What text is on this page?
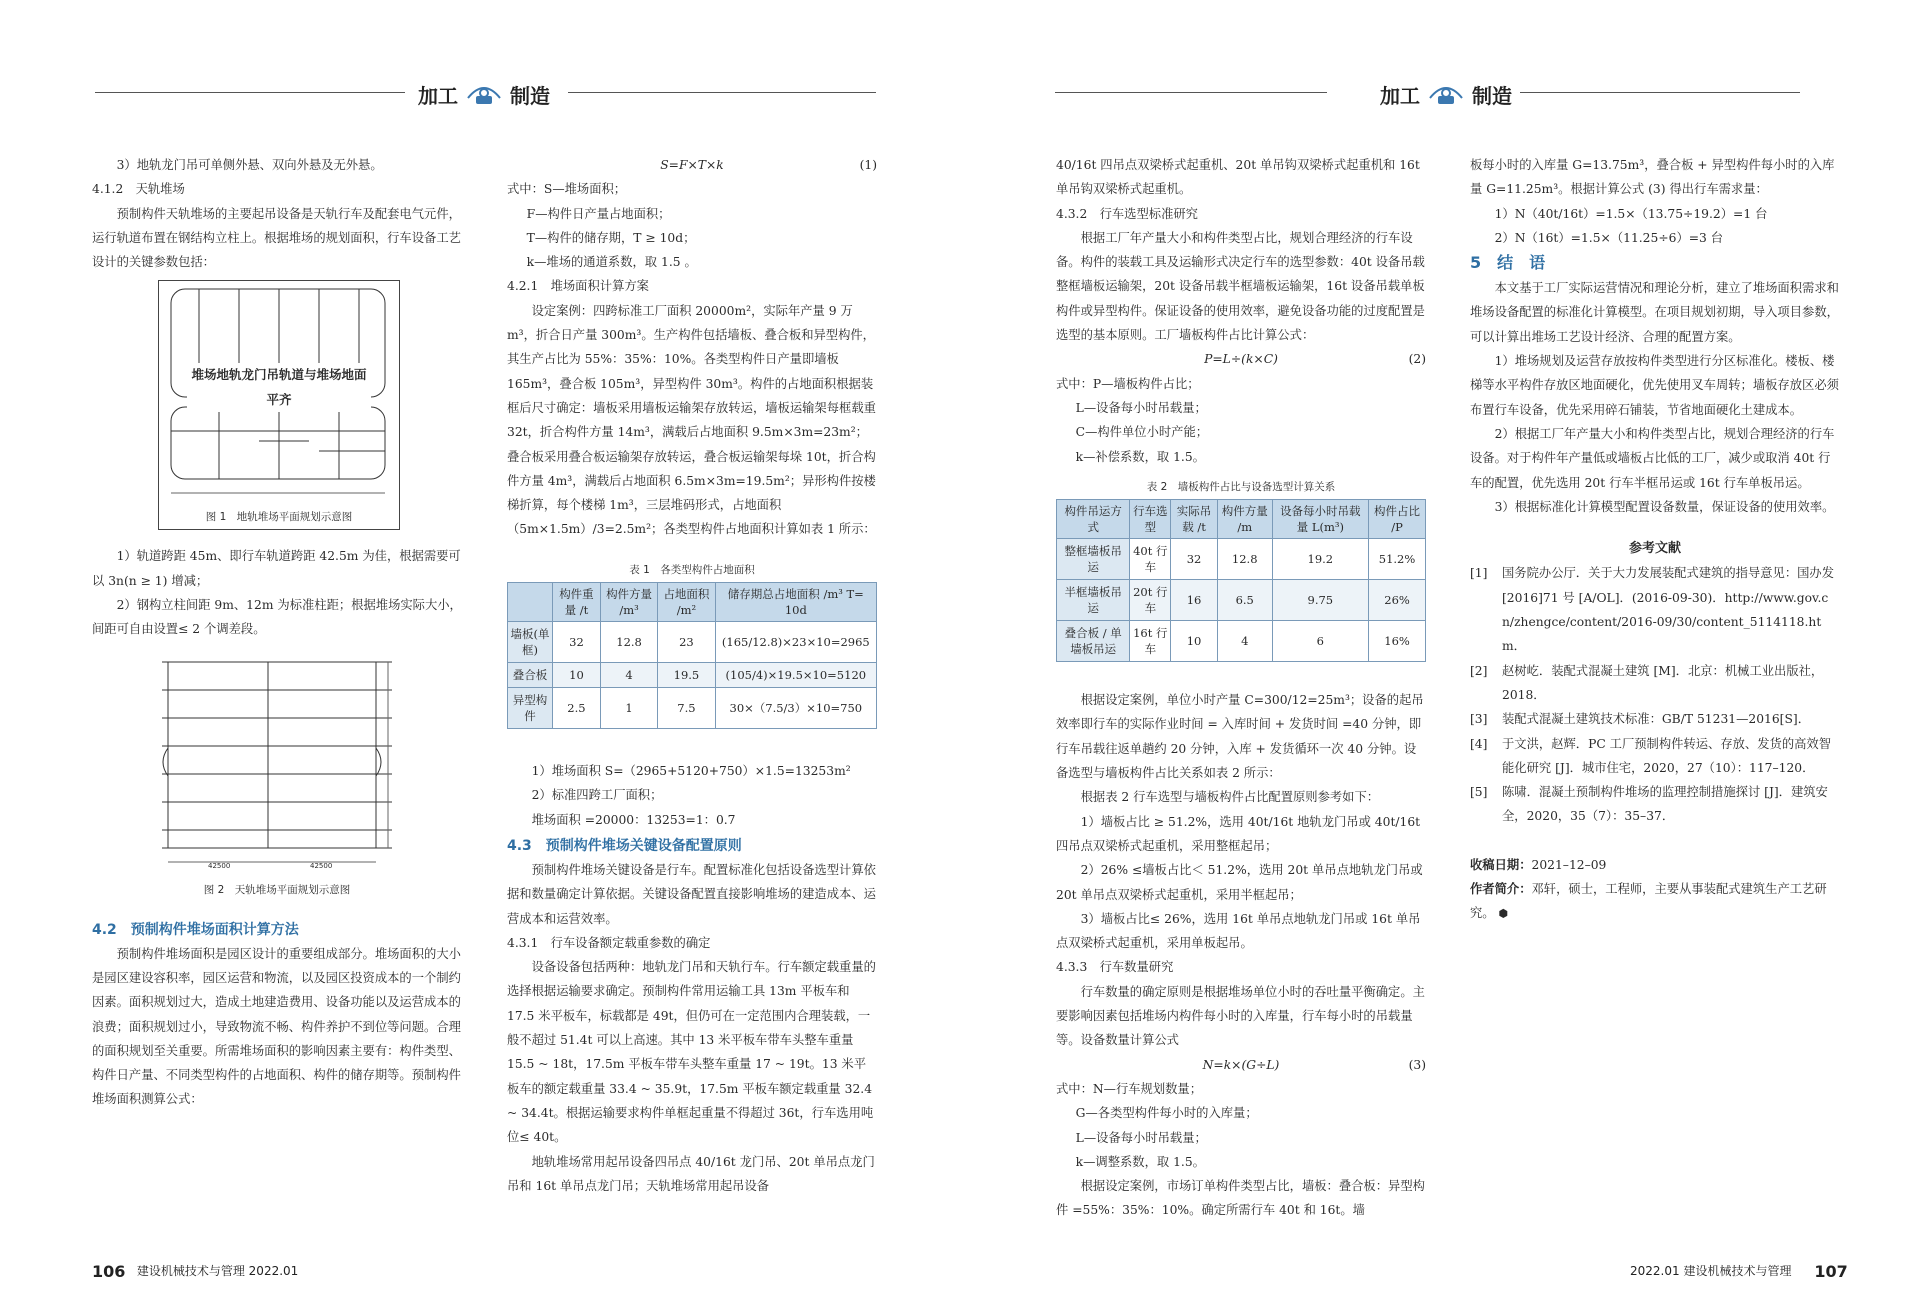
加工	制造

3）地轨龙门吊可单侧外悬、双向外悬及无外悬。

4.1.2　天轨堆场

预制构件天轨堆场的主要起吊设备是天轨行车及配套电气元件，运行轨道布置在钢结构立柱上。根据堆场的规划面积，行车设备工艺设计的关键参数包括：

堆场地轨龙门吊轨道与堆场地面平齐
图 1　地轨堆场平面规划示意图

1）轨道跨距 45m、即行车轨道跨距 42.5m 为佳，根据需要可以 3n(n ≥ 1) 增减；

2）钢构立柱间距 9m、12m 为标准柱距；根据堆场实际大小，间距可自由设置≤ 2 个调差段。

42500	42500
图 2　天轨堆场平面规划示意图

4.2　预制构件堆场面积计算方法

预制构件堆场面积是园区设计的重要组成部分。堆场面积的大小是园区建设容积率，园区运营和物流，以及园区投资成本的一个制约因素。面积规划过大，造成土地建造费用、设备功能以及运营成本的浪费；面积规划过小，导致物流不畅、构件养护不到位等问题。合理的面积规划至关重要。所需堆场面积的影响因素主要有：构件类型、构件日产量、不同类型构件的占地面积、构件的储存期等。预制构件堆场面积测算公式：

S=F×T×k	(1)

式中：S—堆场面积；

F—构件日产量占地面积；

T—构件的储存期，T ≥ 10d；

k—堆场的通道系数，取 1.5 。

4.2.1　堆场面积计算方案

设定案例：四跨标准工厂面积 20000m²，实际年产量 9 万 m³，折合日产量 300m³。生产构件包括墙板、叠合板和异型构件，其生产占比为 55%：35%：10%。各类型构件日产量即墙板 165m³，叠合板 105m³，异型构件 30m³。构件的占地面积根据装框后尺寸确定：墙板采用墙板运输架存放转运，墙板运输架每框载重 32t，折合构件方量 14m³，满载后占地面积 9.5m×3m=23m²；叠合板采用叠合板运输架存放转运，叠合板运输架每垛 10t，折合构件方量 4m³，满载后占地面积 6.5m×3m=19.5m²；异形构件按楼梯折算，每个楼梯 1m³，三层堆码形式，占地面积（5m×1.5m）/3=2.5m²；各类型构件占地面积计算如表 1 所示：

表 1　各类型构件占地面积

	构件重量 /t	构件方量 /m³	占地面积 /m²	储存期总占地面积 /m³ T= 10d
墙板(单框)	32	12.8	23	(165/12.8)×23×10=2965
叠合板	10	4	19.5	(105/4)×19.5×10=5120
异型构件	2.5	1	7.5	30×（7.5/3）×10=750

1）堆场面积 S=（2965+5120+750）×1.5=13253m²

2）标准四跨工厂面积；

堆场面积 =20000：13253=1：0.7

4.3　预制构件堆场关键设备配置原则

预制构件堆场关键设备是行车。配置标准化包括设备选型计算依据和数量确定计算依据。关键设备配置直接影响堆场的建造成本、运营成本和运营效率。

4.3.1　行车设备额定载重参数的确定

设备设备包括两种：地轨龙门吊和天轨行车。行车额定载重量的选择根据运输要求确定。预制构件常用运输工具 13m 平板车和 17.5 米平板车，标载都是 49t，但仍可在一定范围内合理装载，一般不超过 51.4t 可以上高速。其中 13 米平板车带车头整车重量 15.5 ~ 18t，17.5m 平板车带车头整车重量 17 ~ 19t。13 米平板车的额定载重量 33.4 ~ 35.9t，17.5m 平板车额定载重量 32.4 ~ 34.4t。根据运输要求构件单框起重量不得超过 36t，行车选用吨位≤ 40t。

地轨堆场常用起吊设备四吊点 40/16t 龙门吊、20t 单吊点龙门吊和 16t 单吊点龙门吊；天轨堆场常用起吊设备

106 建设机械技术与管理 2022.01
加工	制造

40/16t 四吊点双梁桥式起重机、20t 单吊钩双梁桥式起重机和 16t 单吊钩双梁桥式起重机。

4.3.2　行车选型标准研究

根据工厂年产量大小和构件类型占比，规划合理经济的行车设备。构件的装载工具及运输形式决定行车的选型参数：40t 设备吊载整框墙板运输架，20t 设备吊载半框墙板运输架，16t 设备吊载单板构件或异型构件。保证设备的使用效率，避免设备功能的过度配置是选型的基本原则。工厂墙板构件占比计算公式：

P=L÷(k×C)	(2)

式中：P—墙板构件占比；

L—设备每小时吊载量；

C—构件单位小时产能；

k—补偿系数，取 1.5。

表 2　墙板构件占比与设备选型计算关系

构件吊运方式	行车选型	实际吊载 /t	构件方量 /m	设备每小时吊载量 L(m³)	构件占比 /P
整框墙板吊运	40t 行车	32	12.8	19.2	51.2%
半框墙板吊运	20t 行车	16	6.5	9.75	26%
叠合板 / 单墙板吊运	16t 行车	10	4	6	16%

根据设定案例，单位小时产量 C=300/12=25m³；设备的起吊效率即行车的实际作业时间 = 入库时间 + 发货时间 =40 分钟，即行车吊载往返单趟约 20 分钟，入库 + 发货循环一次 40 分钟。设备选型与墙板构件占比关系如表 2 所示：

根据表 2 行车选型与墙板构件占比配置原则参考如下：

1）墙板占比 ≥ 51.2%，选用 40t/16t 地轨龙门吊或 40t/16t 四吊点双梁桥式起重机，采用整框起吊；

2）26% ≤墙板占比＜ 51.2%，选用 20t 单吊点地轨龙门吊或 20t 单吊点双梁桥式起重机，采用半框起吊；

3）墙板占比≤ 26%，选用 16t 单吊点地轨龙门吊或 16t 单吊点双梁桥式起重机，采用单板起吊。

4.3.3　行车数量研究

行车数量的确定原则是根据堆场单位小时的吞吐量平衡确定。主要影响因素包括堆场内构件每小时的入库量，行车每小时的吊载量等。设备数量计算公式

N=k×(G÷L)	(3)

式中：N—行车规划数量；

G—各类型构件每小时的入库量；

L—设备每小时吊载量；

k—调整系数，取 1.5。

根据设定案例，市场订单构件类型占比，墙板：叠合板：异型构件 =55%：35%：10%。确定所需行车 40t 和 16t。墙

板每小时的入库量 G=13.75m³，叠合板 + 异型构件每小时的入库量 G=11.25m³。根据计算公式 (3) 得出行车需求量：

1）N（40t/16t）=1.5×（13.75÷19.2）=1 台

2）N（16t）=1.5×（11.25÷6）=3 台

5　结　语

本文基于工厂实际运营情况和理论分析，建立了堆场面积需求和堆场设备配置的标准化计算模型。在项目规划初期，导入项目参数，可以计算出堆场工艺设计经济、合理的配置方案。

1）堆场规划及运营存放按构件类型进行分区标准化。楼板、楼梯等水平构件存放区地面硬化，优先使用叉车周转；墙板存放区必须布置行车设备，优先采用碎石铺装，节省地面硬化土建成本。

2）根据工厂年产量大小和构件类型占比，规划合理经济的行车设备。对于构件年产量低或墙板占比低的工厂，减少或取消 40t 行车的配置，优先选用 20t 行车半框吊运或 16t 行车单板吊运。

3）根据标准化计算模型配置设备数量，保证设备的使用效率。

参考文献

[1]	国务院办公厅．关于大力发展装配式建筑的指导意见：国办发 [2016]71 号 [A/OL]．(2016-09-30)．http://www.gov.cn/zhengce/content/2016-09/30/content_5114118.htm．
[2]	赵树屹．装配式混凝土建筑 [M]．北京：机械工业出版社，2018．
[3]	装配式混凝土建筑技术标准：GB/T 51231—2016[S]．
[4]	于文洪，赵辉．PC 工厂预制构件转运、存放、发货的高效智能化研究 [J]．城市住宅，2020，27（10）：117–120．
[5]	陈啸．混凝土预制构件堆场的监理控制措施探讨 [J]．建筑安全，2020，35（7）：35–37．

收稿日期：2021–12–09

作者简介：邓轩，硕士，工程师，主要从事装配式建筑生产工艺研究。 ⬢

2022.01 建设机械技术与管理 107
